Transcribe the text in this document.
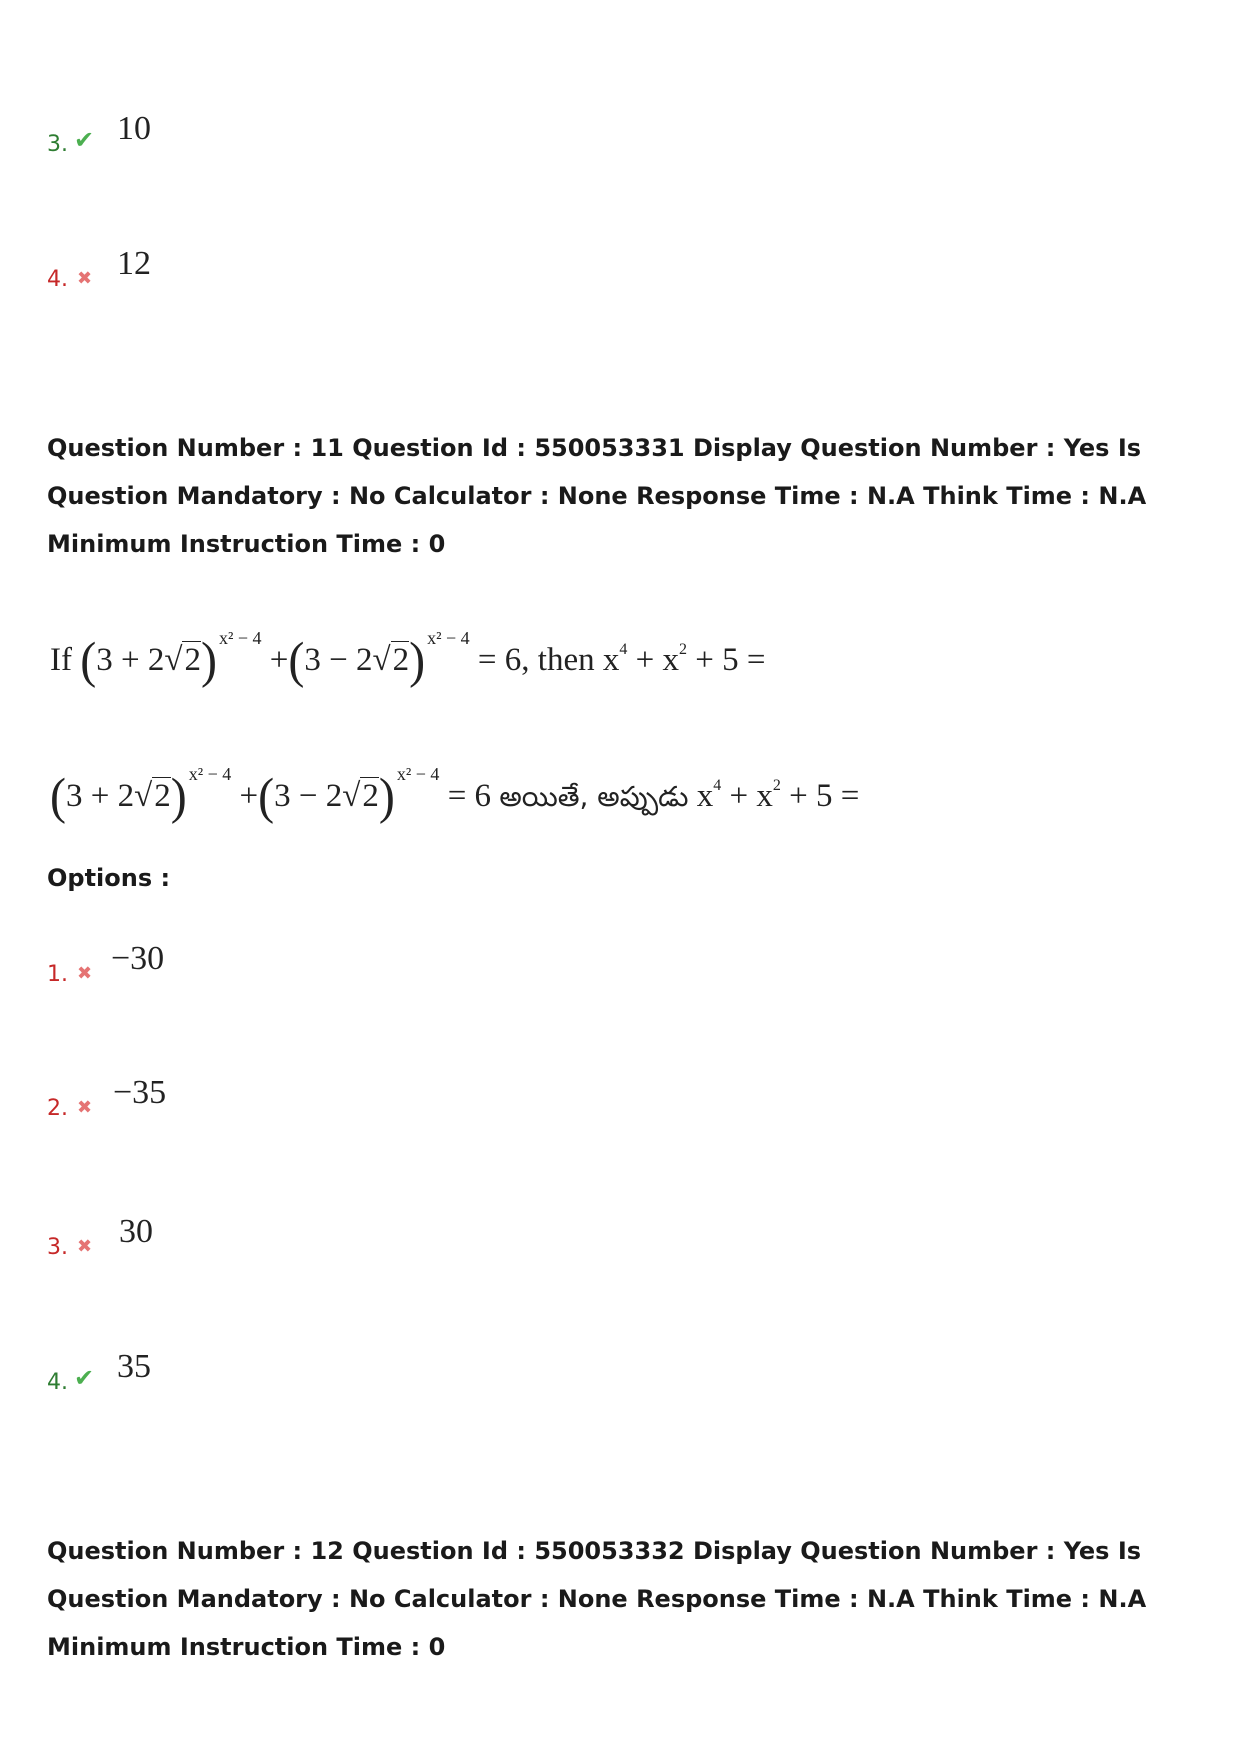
3. ✔ 10
4. ✖ 12
Question Number : 11 Question Id : 550053331 Display Question Number : Yes Is Question Mandatory : No Calculator : None Response Time : N.A Think Time : N.A Minimum Instruction Time : 0
If (3 + 2√2) $^{x^2 - 4}$ +(3 − 2√2) $^{x^2 - 4}$ = 6, then $x^4 + x^2 + 5$ =
(3 + 2√2) $^{x^2 - 4}$ +(3 − 2√2) $^{x^2 - 4}$ = 6 అయితే, అప్పుడు $x^4 + x^2 + 5$ =
Options :
1. ✖ −30
2. ✖ −35
3. ✖ 30
4. ✔ 35
Question Number : 12 Question Id : 550053332 Display Question Number : Yes Is Question Mandatory : No Calculator : None Response Time : N.A Think Time : N.A Minimum Instruction Time : 0
